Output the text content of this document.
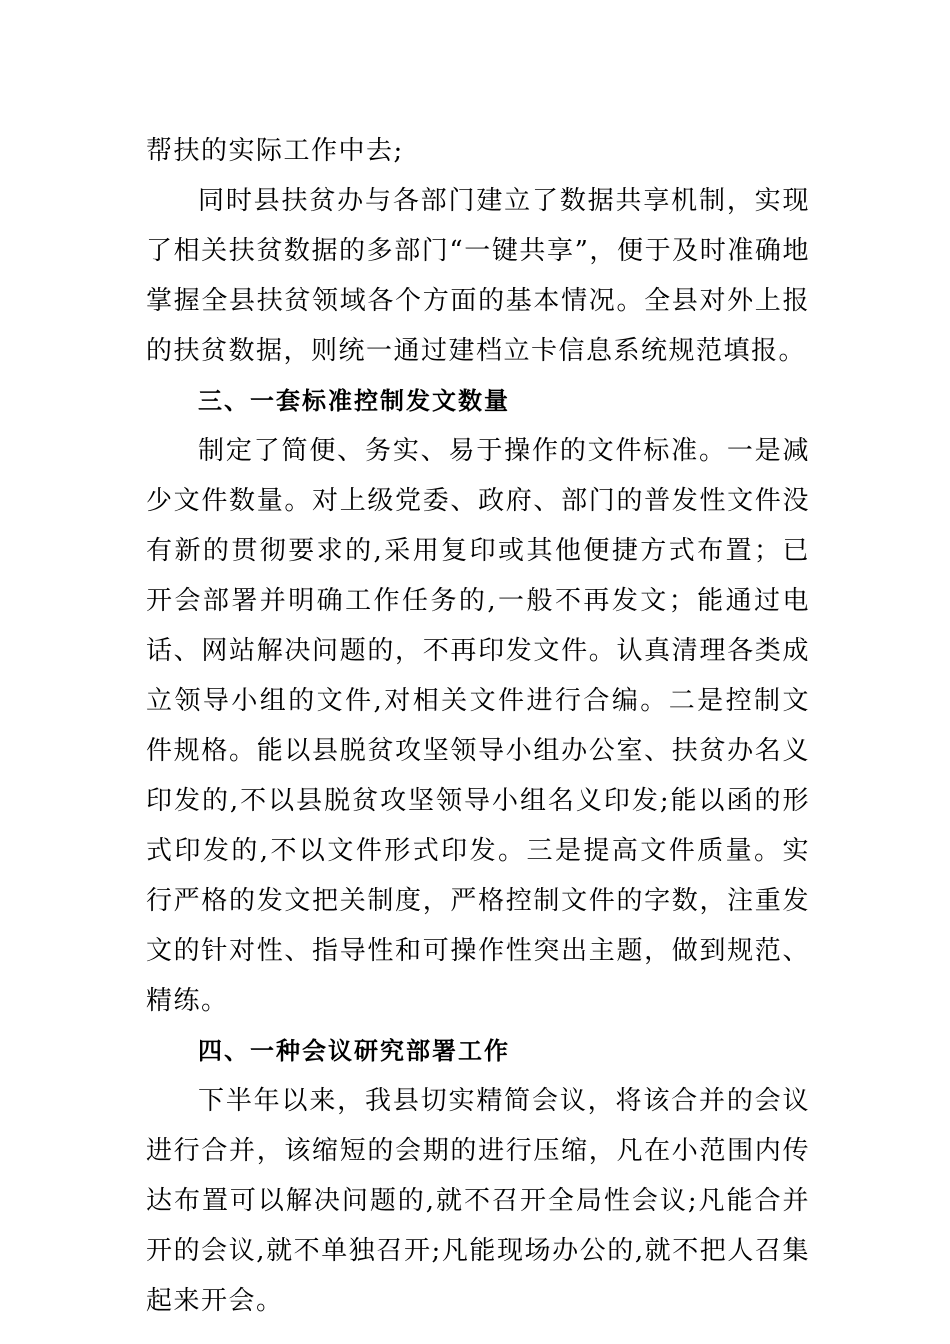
帮扶的实际工作中去;

同时县扶贫办与各部门建立了数据共享机制，实现了相关扶贫数据的多部门“一键共享”，便于及时准确地掌握全县扶贫领域各个方面的基本情况。全县对外上报的扶贫数据，则统一通过建档立卡信息系统规范填报。

三、一套标准控制发文数量

制定了简便、务实、易于操作的文件标准。一是减少文件数量。对上级党委、政府、部门的普发性文件没有新的贯彻要求的,采用复印或其他便捷方式布置；已开会部署并明确工作任务的,一般不再发文；能通过电话、网站解决问题的，不再印发文件。认真清理各类成立领导小组的文件,对相关文件进行合编。二是控制文件规格。能以县脱贫攻坚领导小组办公室、扶贫办名义印发的,不以县脱贫攻坚领导小组名义印发;能以函的形式印发的,不以文件形式印发。三是提高文件质量。实行严格的发文把关制度，严格控制文件的字数，注重发文的针对性、指导性和可操作性突出主题，做到规范、精练。

四、一种会议研究部署工作

下半年以来，我县切实精简会议，将该合并的会议进行合并，该缩短的会期的进行压缩，凡在小范围内传达布置可以解决问题的,就不召开全局性会议;凡能合并开的会议,就不单独召开;凡能现场办公的,就不把人召集起来开会。
